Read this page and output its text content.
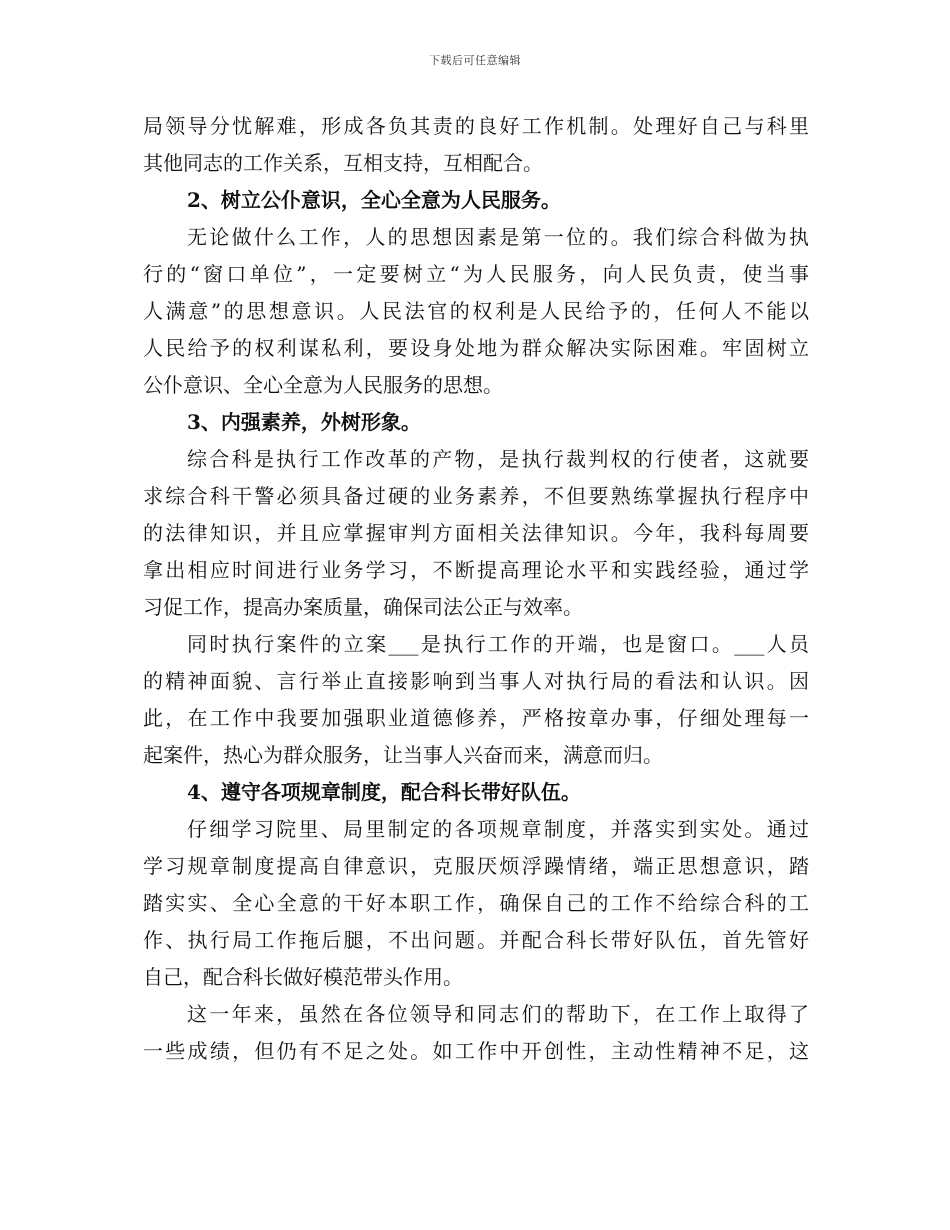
下载后可任意编辑
局领导分忧解难，形成各负其责的良好工作机制。处理好自己与科里
其他同志的工作关系，互相支持，互相配合。
2、树立公仆意识，全心全意为人民服务。
无论做什么工作，人的思想因素是第一位的。我们综合科做为执
行的“窗口单位”，一定要树立“为人民服务，向人民负责，使当事
人满意”的思想意识。人民法官的权利是人民给予的，任何人不能以
人民给予的权利谋私利，要设身处地为群众解决实际困难。牢固树立
公仆意识、全心全意为人民服务的思想。
3、内强素养，外树形象。
综合科是执行工作改革的产物，是执行裁判权的行使者，这就要
求综合科干警必须具备过硬的业务素养，不但要熟练掌握执行程序中
的法律知识，并且应掌握审判方面相关法律知识。今年，我科每周要
拿出相应时间进行业务学习，不断提高理论水平和实践经验，通过学
习促工作，提高办案质量，确保司法公正与效率。
同时执行案件的立案___是执行工作的开端，也是窗口。___人员
的精神面貌、言行举止直接影响到当事人对执行局的看法和认识。因
此，在工作中我要加强职业道德修养，严格按章办事，仔细处理每一
起案件，热心为群众服务，让当事人兴奋而来，满意而归。
4、遵守各项规章制度，配合科长带好队伍。
仔细学习院里、局里制定的各项规章制度，并落实到实处。通过
学习规章制度提高自律意识，克服厌烦浮躁情绪，端正思想意识，踏
踏实实、全心全意的干好本职工作，确保自己的工作不给综合科的工
作、执行局工作拖后腿，不出问题。并配合科长带好队伍，首先管好
自己，配合科长做好模范带头作用。
这一年来，虽然在各位领导和同志们的帮助下，在工作上取得了
一些成绩，但仍有不足之处。如工作中开创性，主动性精神不足，这
